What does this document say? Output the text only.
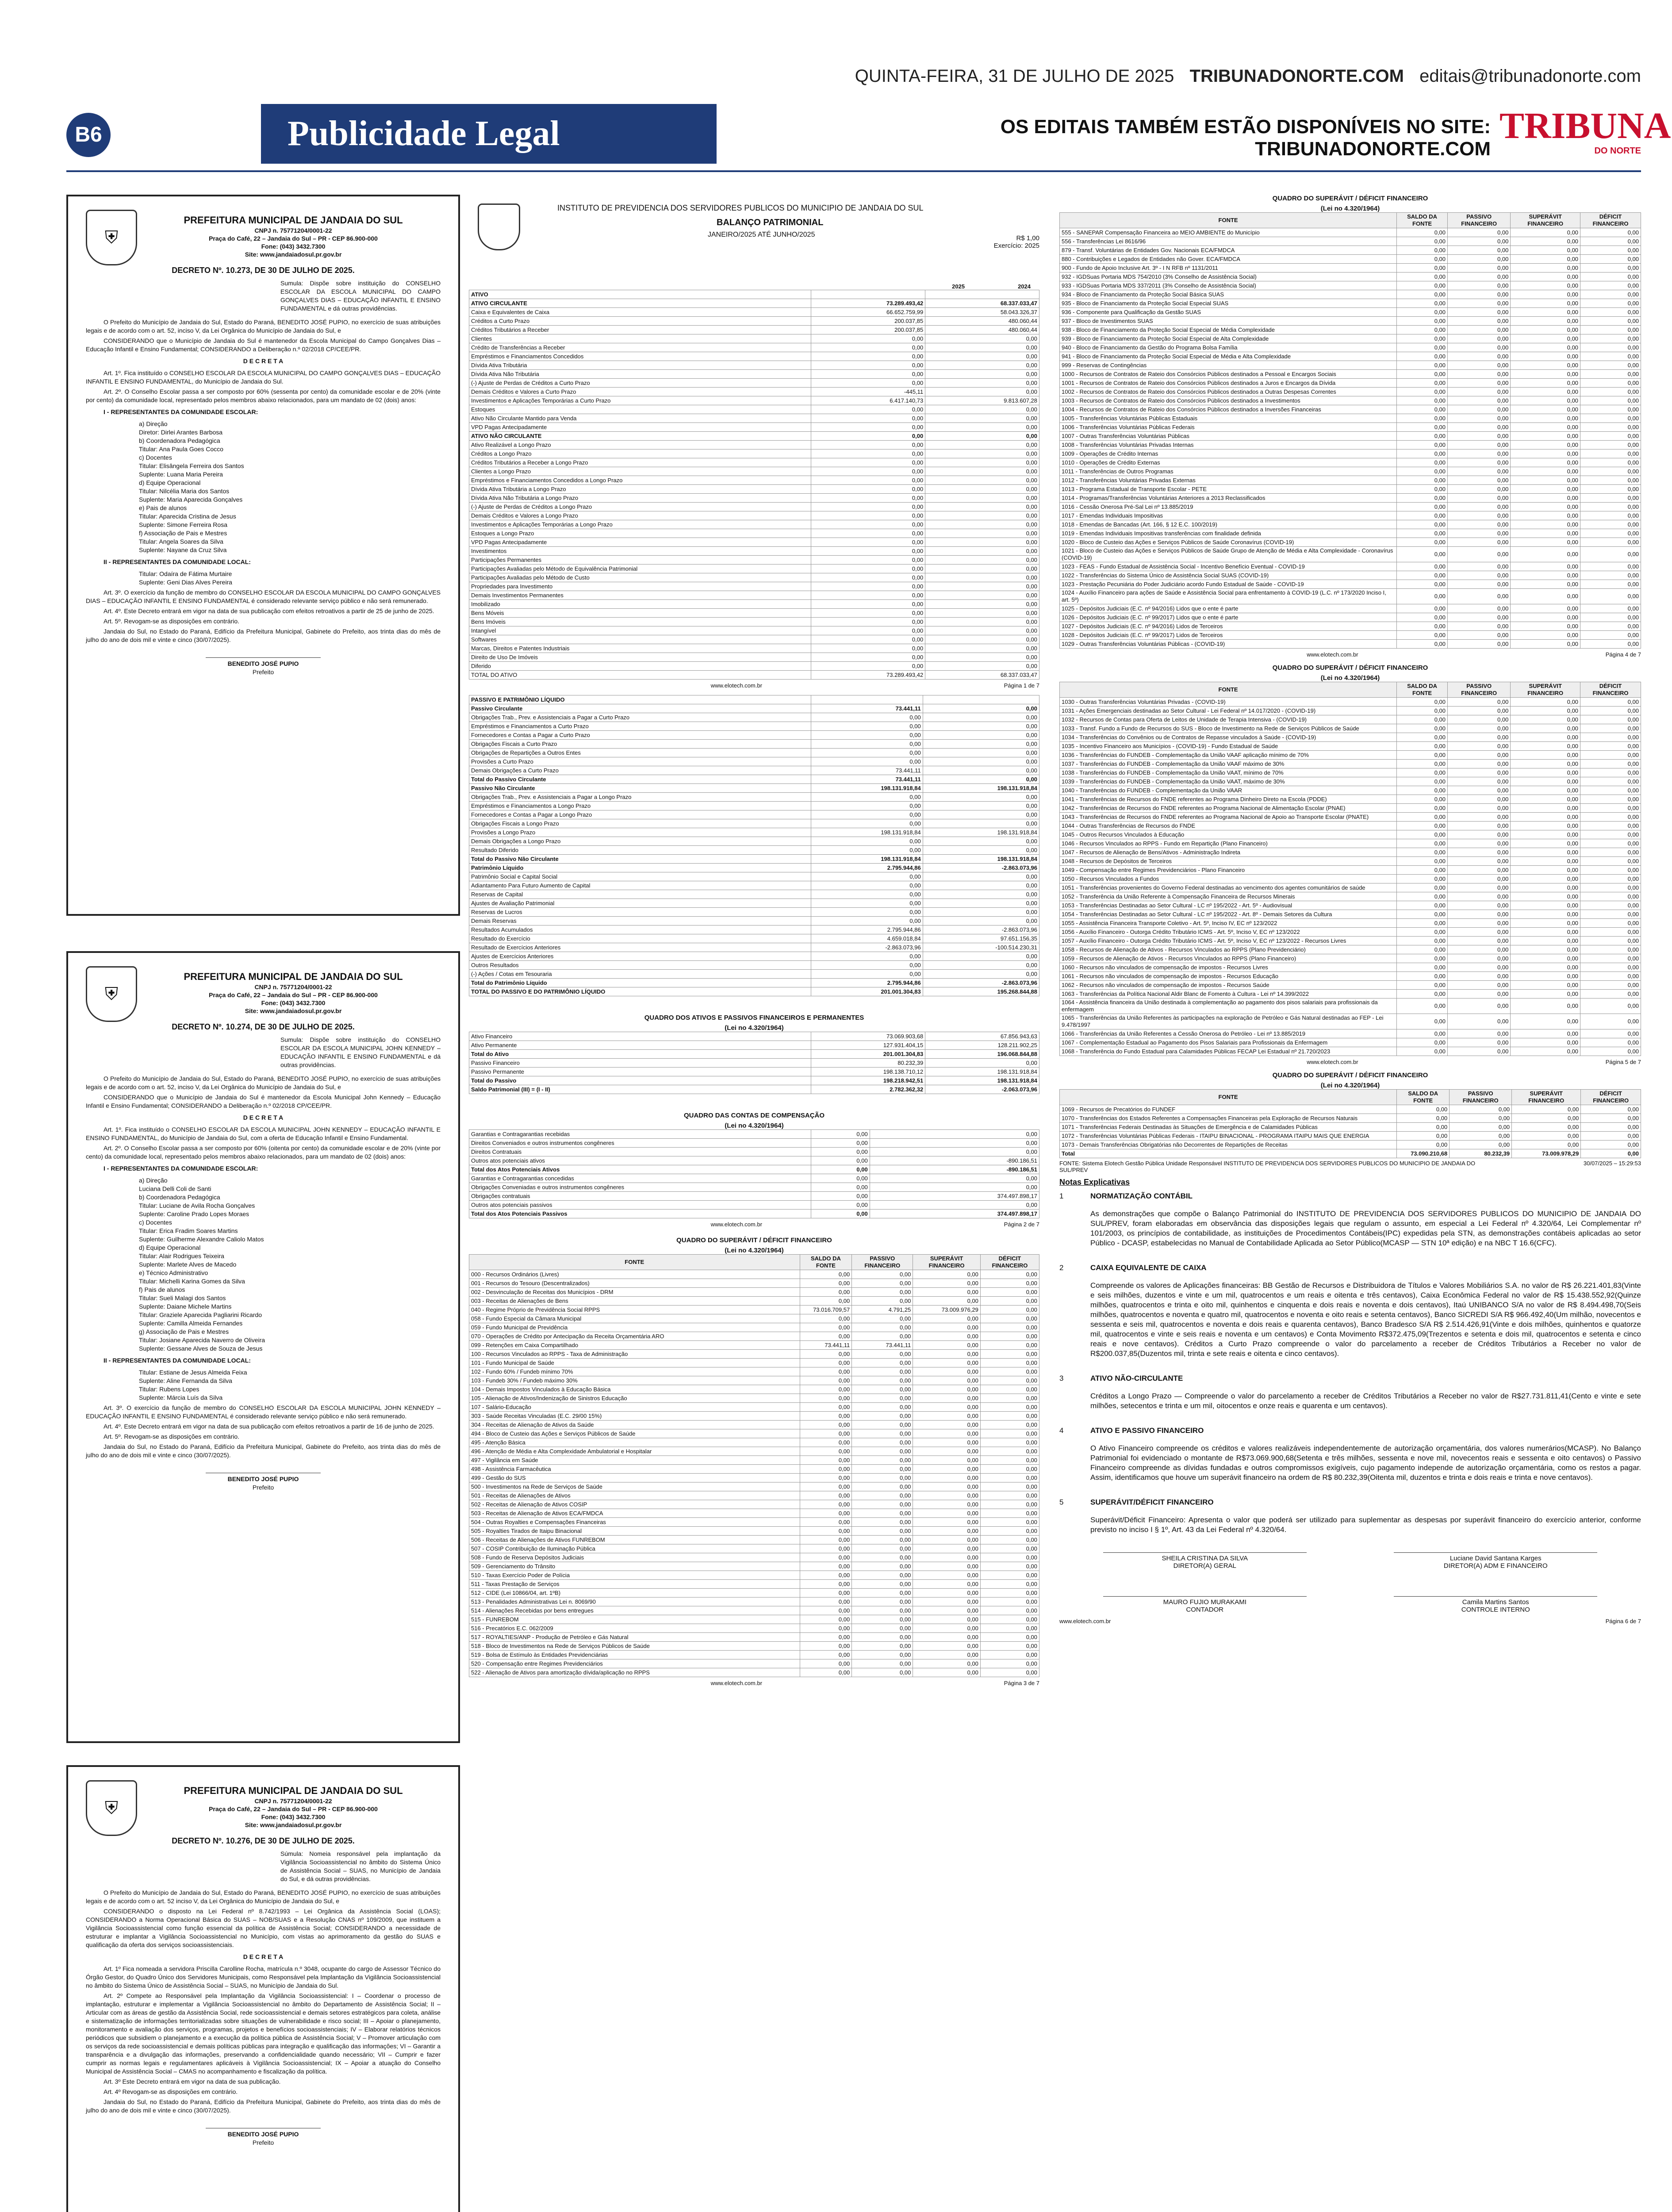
QUINTA-FEIRA, 31 DE JULHO DE 2025 TRIBUNADONORTE.COM editais@tribunadonorte.com
B6	Publicidade Legal	OS EDITAIS TAMBÉM ESTÃO DISPONÍVEIS NO SITE: TRIBUNADONORTE.COM
TRIBUNA
DO NORTE
⛨
PREFEITURA MUNICIPAL DE JANDAIA DO SUL
CNPJ n. 75771204/0001-22
Praça do Café, 22 – Jandaia do Sul – PR - CEP 86.900-000
Fone: (043) 3432.7300
Site: www.jandaiadosul.pr.gov.br
DECRETO Nº. 10.273, DE 30 DE JULHO DE 2025.
Sumula: Dispõe sobre instituição do CONSELHO ESCOLAR DA ESCOLA MUNICIPAL DO CAMPO GONÇALVES DIAS – EDUCAÇÃO INFANTIL E ENSINO FUNDAMENTAL e dá outras providências.
O Prefeito do Município de Jandaia do Sul, Estado do Paraná, BENEDITO JOSÉ PUPIO, no exercício de suas atribuições legais e de acordo com o art. 52, inciso V, da Lei Orgânica do Município de Jandaia do Sul, e
CONSIDERANDO que o Município de Jandaia do Sul é mantenedor da Escola Municipal do Campo Gonçalves Dias – Educação Infantil e Ensino Fundamental; CONSIDERANDO a Deliberação n.º 02/2018 CP/CEE/PR.
D E C R E T A
Art. 1º. Fica instituído o CONSELHO ESCOLAR DA ESCOLA MUNICIPAL DO CAMPO GONÇALVES DIAS – EDUCAÇÃO INFANTIL E ENSINO FUNDAMENTAL, do Município de Jandaia do Sul.
Art. 2º. O Conselho Escolar passa a ser composto por 60% (sessenta por cento) da comunidade escolar e de 20% (vinte por cento) da comunidade local, representado pelos membros abaixo relacionados, para um mandato de 02 (dois) anos:
I - REPRESENTANTES DA COMUNIDADE ESCOLAR:
a) Direção
Diretor: Dirlei Arantes Barbosa
b) Coordenadora Pedagógica
Titular: Ana Paula Goes Cocco
c) Docentes
Titular: Elisângela Ferreira dos Santos
Suplente: Luana Maria Pereira
d) Equipe Operacional
Titular: Nilcélia Maria dos Santos
Suplente: Maria Aparecida Gonçalves
e) Pais de alunos
Titular: Aparecida Cristina de Jesus
Suplente: Simone Ferreira Rosa
f) Associação de Pais e Mestres
Titular: Angela Soares da Silva
Suplente: Nayane da Cruz Silva
II - REPRESENTANTES DA COMUNIDADE LOCAL:
Titular: Odaíra de Fátima Murtaire
Suplente: Geni Dias Alves Pereira
Art. 3º. O exercício da função de membro do CONSELHO ESCOLAR DA ESCOLA MUNICIPAL DO CAMPO GONÇALVES DIAS – EDUCAÇÃO INFANTIL E ENSINO FUNDAMENTAL é considerado relevante serviço público e não será remunerado.
Art. 4º. Este Decreto entrará em vigor na data de sua publicação com efeitos retroativos a partir de 25 de junho de 2025.
Art. 5º. Revogam-se as disposições em contrário.
Jandaia do Sul, no Estado do Paraná, Edifício da Prefeitura Municipal, Gabinete do Prefeito, aos trinta dias do mês de julho do ano de dois mil e vinte e cinco (30/07/2025).
BENEDITO JOSÉ PUPIO
Prefeito
⛨
PREFEITURA MUNICIPAL DE JANDAIA DO SUL
CNPJ n. 75771204/0001-22
Praça do Café, 22 – Jandaia do Sul – PR - CEP 86.900-000
Fone: (043) 3432.7300
Site: www.jandaiadosul.pr.gov.br
DECRETO Nº. 10.274, DE 30 DE JULHO DE 2025.
Sumula: Dispõe sobre instituição do CONSELHO ESCOLAR DA ESCOLA MUNICIPAL JOHN KENNEDY – EDUCAÇÃO INFANTIL E ENSINO FUNDAMENTAL e dá outras providências.
O Prefeito do Município de Jandaia do Sul, Estado do Paraná, BENEDITO JOSÉ PUPIO, no exercício de suas atribuições legais e de acordo com o art. 52, inciso V, da Lei Orgânica do Município de Jandaia do Sul, e
CONSIDERANDO que o Município de Jandaia do Sul é mantenedor da Escola Municipal John Kennedy – Educação Infantil e Ensino Fundamental; CONSIDERANDO a Deliberação n.º 02/2018 CP/CEE/PR.
D E C R E T A
Art. 1º. Fica instituído o CONSELHO ESCOLAR DA ESCOLA MUNICIPAL JOHN KENNEDY – EDUCAÇÃO INFANTIL E ENSINO FUNDAMENTAL, do Município de Jandaia do Sul, com a oferta de Educação Infantil e Ensino Fundamental.
Art. 2º. O Conselho Escolar passa a ser composto por 60% (oitenta por cento) da comunidade escolar e de 20% (vinte por cento) da comunidade local, representado pelos membros abaixo relacionados, para um mandato de 02 (dois) anos:
I - REPRESENTANTES DA COMUNIDADE ESCOLAR:
a) Direção
Luciana Delli Coli de Santi
b) Coordenadora Pedagógica
Titular: Luciane de Avila Rocha Gonçalves
Suplente: Caroline Prado Lopes Moraes
c) Docentes
Titular: Erica Fradim Soares Martins
Suplente: Guilherme Alexandre Caliolo Matos
d) Equipe Operacional
Titular: Alair Rodrigues Teixeira
Suplente: Marlete Alves de Macedo
e) Técnico Administrativo
Titular: Michelli Karina Gomes da Silva
f) Pais de alunos
Titular: Sueli Malagi dos Santos
Suplente: Daiane Michele Martins
Titular: Graziele Aparecida Pagliarini Ricardo
Suplente: Camilla Almeida Fernandes
g) Associação de Pais e Mestres
Titular: Josiane Aparecida Naverro de Oliveira
Suplente: Gessane Alves de Souza de Jesus
II - REPRESENTANTES DA COMUNIDADE LOCAL:
Titular: Estiane de Jesus Almeida Feixa
Suplente: Aline Fernanda da Silva
Titular: Rubens Lopes
Suplente: Márcia Luís da Silva
Art. 3º. O exercício da função de membro do CONSELHO ESCOLAR DA ESCOLA MUNICIPAL JOHN KENNEDY – EDUCAÇÃO INFANTIL E ENSINO FUNDAMENTAL é considerado relevante serviço público e não será remunerado.
Art. 4º. Este Decreto entrará em vigor na data de sua publicação com efeitos retroativos a partir de 16 de junho de 2025.
Art. 5º. Revogam-se as disposições em contrário.
Jandaia do Sul, no Estado do Paraná, Edifício da Prefeitura Municipal, Gabinete do Prefeito, aos trinta dias do mês de julho do ano de dois mil e vinte e cinco (30/07/2025).
BENEDITO JOSÉ PUPIO
Prefeito
⛨
PREFEITURA MUNICIPAL DE JANDAIA DO SUL
CNPJ n. 75771204/0001-22
Praça do Café, 22 – Jandaia do Sul – PR - CEP 86.900-000
Fone: (043) 3432.7300
Site: www.jandaiadosul.pr.gov.br
DECRETO Nº. 10.276, DE 30 DE JULHO DE 2025.
Súmula: Nomeia responsável pela implantação da Vigilância Socioassistencial no âmbito do Sistema Único de Assistência Social – SUAS, no Município de Jandaia do Sul, e dá outras providências.
O Prefeito do Município de Jandaia do Sul, Estado do Paraná, BENEDITO JOSÉ PUPIO, no exercício de suas atribuições legais e de acordo com o art. 52 inciso V, da Lei Orgânica do Município de Jandaia do Sul, e
CONSIDERANDO o disposto na Lei Federal nº 8.742/1993 – Lei Orgânica da Assistência Social (LOAS); CONSIDERANDO a Norma Operacional Básica do SUAS – NOB/SUAS e a Resolução CNAS nº 109/2009, que instituem a Vigilância Socioassistencial como função essencial da política de Assistência Social; CONSIDERANDO a necessidade de estruturar e implantar a Vigilância Socioassistencial no Município, com vistas ao aprimoramento da gestão do SUAS e qualificação da oferta dos serviços socioassistenciais.
D E C R E T A
Art. 1º Fica nomeada a servidora Priscilla Carolline Rocha, matrícula n.º 3048, ocupante do cargo de Assessor Técnico do Órgão Gestor, do Quadro Único dos Servidores Municipais, como Responsável pela Implantação da Vigilância Socioassistencial no âmbito do Sistema Único de Assistência Social – SUAS, no Município de Jandaia do Sul.
Art. 2º Compete ao Responsável pela Implantação da Vigilância Socioassistencial: I – Coordenar o processo de implantação, estruturar e implementar a Vigilância Socioassistencial no âmbito do Departamento de Assistência Social; II – Articular com as áreas de gestão da Assistência Social, rede socioassistencial e demais setores estratégicos para coleta, análise e sistematização de informações territorializadas sobre situações de vulnerabilidade e risco social; III – Apoiar o planejamento, monitoramento e avaliação dos serviços, programas, projetos e benefícios socioassistenciais; IV – Elaborar relatórios técnicos periódicos que subsidiem o planejamento e a execução da política pública de Assistência Social; V – Promover articulação com os serviços da rede socioassistencial e demais políticas públicas para integração e qualificação das informações; VI – Garantir a transparência e a divulgação das informações, preservando a confidencialidade quando necessário; VII – Cumprir e fazer cumprir as normas legais e regulamentares aplicáveis à Vigilância Socioassistencial; IX – Apoiar a atuação do Conselho Municipal de Assistência Social – CMAS no acompanhamento e fiscalização da política.
Art. 3º Este Decreto entrará em vigor na data de sua publicação.
Art. 4º Revogam-se as disposições em contrário.
Jandaia do Sul, no Estado do Paraná, Edifício da Prefeitura Municipal, Gabinete do Prefeito, aos trinta dias do mês de julho do ano de dois mil e vinte e cinco (30/07/2025).
BENEDITO JOSÉ PUPIO
Prefeito
INSTITUTO DE PREVIDENCIA DOS SERVIDORES PUBLICOS DO MUNICIPIO DE JANDAIA DO SUL
BALANÇO PATRIMONIAL
JANEIRO/2025 ATÉ JUNHO/2025	R$ 1,00
Exercício: 2025
2025	2024
ATIVO		
ATIVO CIRCULANTE	73.289.493,42	68.337.033,47
Caixa e Equivalentes de Caixa	66.652.759,99	58.043.326,37
Créditos a Curto Prazo	200.037,85	480.060,44
Créditos Tributários a Receber	200.037,85	480.060,44
Clientes	0,00	0,00
Crédito de Transferências a Receber	0,00	0,00
Empréstimos e Financiamentos Concedidos	0,00	0,00
Dívida Ativa Tributária	0,00	0,00
Dívida Ativa Não Tributária	0,00	0,00
(-) Ajuste de Perdas de Créditos a Curto Prazo	0,00	0,00
Demais Créditos e Valores a Curto Prazo	-445,11	0,00
Investimentos e Aplicações Temporárias a Curto Prazo	6.417.140,73	9.813.607,28
Estoques	0,00	0,00
Ativo Não Circulante Mantido para Venda	0,00	0,00
VPD Pagas Antecipadamente	0,00	0,00
ATIVO NÃO CIRCULANTE	0,00	0,00
Ativo Realizável a Longo Prazo	0,00	0,00
Créditos a Longo Prazo	0,00	0,00
Créditos Tributários a Receber a Longo Prazo	0,00	0,00
Clientes a Longo Prazo	0,00	0,00
Empréstimos e Financiamentos Concedidos a Longo Prazo	0,00	0,00
Dívida Ativa Tributária a Longo Prazo	0,00	0,00
Dívida Ativa Não Tributária a Longo Prazo	0,00	0,00
(-) Ajuste de Perdas de Créditos a Longo Prazo	0,00	0,00
Demais Créditos e Valores a Longo Prazo	0,00	0,00
Investimentos e Aplicações Temporárias a Longo Prazo	0,00	0,00
Estoques a Longo Prazo	0,00	0,00
VPD Pagas Antecipadamente	0,00	0,00
Investimentos	0,00	0,00
Participações Permanentes	0,00	0,00
Participações Avaliadas pelo Método de Equivalência Patrimonial	0,00	0,00
Participações Avaliadas pelo Método de Custo	0,00	0,00
Propriedades para Investimento	0,00	0,00
Demais Investimentos Permanentes	0,00	0,00
Imobilizado	0,00	0,00
Bens Móveis	0,00	0,00
Bens Imóveis	0,00	0,00
Intangível	0,00	0,00
Softwares	0,00	0,00
Marcas, Direitos e Patentes Industriais	0,00	0,00
Direito de Uso De Imóveis	0,00	0,00
Diferido	0,00	0,00
TOTAL DO ATIVO	73.289.493,42	68.337.033,47
www.elotech.com.br	Página 1 de 7
PASSIVO E PATRIMÔNIO LÍQUIDO		
Passivo Circulante	73.441,11	0,00
Obrigações Trab., Prev. e Assistenciais a Pagar a Curto Prazo	0,00	0,00
Empréstimos e Financiamentos a Curto Prazo	0,00	0,00
Fornecedores e Contas a Pagar a Curto Prazo	0,00	0,00
Obrigações Fiscais a Curto Prazo	0,00	0,00
Obrigações de Repartições a Outros Entes	0,00	0,00
Provisões a Curto Prazo	0,00	0,00
Demais Obrigações a Curto Prazo	73.441,11	0,00
Total do Passivo Circulante	73.441,11	0,00
Passivo Não Circulante	198.131.918,84	198.131.918,84
Obrigações Trab., Prev. e Assistenciais a Pagar a Longo Prazo	0,00	0,00
Empréstimos e Financiamentos a Longo Prazo	0,00	0,00
Fornecedores e Contas a Pagar a Longo Prazo	0,00	0,00
Obrigações Fiscais a Longo Prazo	0,00	0,00
Provisões a Longo Prazo	198.131.918,84	198.131.918,84
Demais Obrigações a Longo Prazo	0,00	0,00
Resultado Diferido	0,00	0,00
Total do Passivo Não Circulante	198.131.918,84	198.131.918,84
Patrimônio Líquido	2.795.944,86	-2.863.073,96
Patrimônio Social e Capital Social	0,00	0,00
Adiantamento Para Futuro Aumento de Capital	0,00	0,00
Reservas de Capital	0,00	0,00
Ajustes de Avaliação Patrimonial	0,00	0,00
Reservas de Lucros	0,00	0,00
Demais Reservas	0,00	0,00
Resultados Acumulados	2.795.944,86	-2.863.073,96
Resultado do Exercício	4.659.018,84	97.651.156,35
Resultado de Exercícios Anteriores	-2.863.073,96	-100.514.230,31
Ajustes de Exercícios Anteriores	0,00	0,00
Outros Resultados	0,00	0,00
(-) Ações / Cotas em Tesouraria	0,00	0,00
Total do Patrimônio Líquido	2.795.944,86	-2.863.073,96
TOTAL DO PASSIVO E DO PATRIMÔNIO LÍQUIDO	201.001.304,83	195.268.844,88
QUADRO DOS ATIVOS E PASSIVOS FINANCEIROS E PERMANENTES
(Lei no 4.320/1964)
Ativo Financeiro	73.069.903,68	67.856.943,63
Ativo Permanente	127.931.404,15	128.211.902,25
Total do Ativo	201.001.304,83	196.068.844,88
Passivo Financeiro	80.232,39	0,00
Passivo Permanente	198.138.710,12	198.131.918,84
Total do Passivo	198.218.942,51	198.131.918,84
Saldo Patrimonial (III) = (I - II)	2.782.362,32	-2.063.073,96
QUADRO DAS CONTAS DE COMPENSAÇÃO
(Lei no 4.320/1964)
Garantias e Contragarantias recebidas	0,00	0,00
Direitos Conveniados e outros instrumentos congêneres	0,00	0,00
Direitos Contratuais	0,00	0,00
Outros atos potenciais ativos	0,00	-890.186,51
Total dos Atos Potenciais Ativos	0,00	-890.186,51
Garantias e Contragarantias concedidas	0,00	0,00
Obrigações Conveniadas e outros instrumentos congêneres	0,00	0,00
Obrigações contratuais	0,00	374.497.898,17
Outros atos potenciais passivos	0,00	0,00
Total dos Atos Potenciais Passivos	0,00	374.497.898,17
www.elotech.com.br	Página 2 de 7
QUADRO DO SUPERÁVIT / DÉFICIT FINANCEIRO
(Lei no 4.320/1964)
FONTE	SALDO DA FONTE	PASSIVO FINANCEIRO	SUPERÁVIT FINANCEIRO	DÉFICIT FINANCEIRO
000 - Recursos Ordinários (Livres)	0,00	0,00	0,00	0,00
001 - Recursos do Tesouro (Descentralizados)	0,00	0,00	0,00	0,00
002 - Desvinculação de Receitas dos Municípios - DRM	0,00	0,00	0,00	0,00
003 - Receitas de Alienações de Bens	0,00	0,00	0,00	0,00
040 - Regime Próprio de Previdência Social RPPS	73.016.709,57	4.791,25	73.009.976,29	0,00
058 - Fundo Especial da Câmara Municipal	0,00	0,00	0,00	0,00
059 - Fundo Municipal de Previdência	0,00	0,00	0,00	0,00
070 - Operações de Crédito por Antecipação da Receita Orçamentária ARO	0,00	0,00	0,00	0,00
099 - Retenções em Caixa Compartilhado	73.441,11	73.441,11	0,00	0,00
100 - Recursos Vinculados ao RPPS - Taxa de Administração	0,00	0,00	0,00	0,00
101 - Fundo Municipal de Saúde	0,00	0,00	0,00	0,00
102 - Fundo 60% / Fundeb mínimo 70%	0,00	0,00	0,00	0,00
103 - Fundeb 30% / Fundeb máximo 30%	0,00	0,00	0,00	0,00
104 - Demais Impostos Vinculados à Educação Básica	0,00	0,00	0,00	0,00
105 - Alienação de Ativos/Indenização de Sinistros Educação	0,00	0,00	0,00	0,00
107 - Salário-Educação	0,00	0,00	0,00	0,00
303 - Saúde Receitas Vinculadas (E.C. 29/00 15%)	0,00	0,00	0,00	0,00
304 - Receitas de Alienação de Ativos da Saúde	0,00	0,00	0,00	0,00
494 - Bloco de Custeio das Ações e Serviços Públicos de Saúde	0,00	0,00	0,00	0,00
495 - Atenção Básica	0,00	0,00	0,00	0,00
496 - Atenção de Média e Alta Complexidade Ambulatorial e Hospitalar	0,00	0,00	0,00	0,00
497 - Vigilância em Saúde	0,00	0,00	0,00	0,00
498 - Assistência Farmacêutica	0,00	0,00	0,00	0,00
499 - Gestão do SUS	0,00	0,00	0,00	0,00
500 - Investimentos na Rede de Serviços de Saúde	0,00	0,00	0,00	0,00
501 - Receitas de Alienações de Ativos	0,00	0,00	0,00	0,00
502 - Receitas de Alienação de Ativos COSIP	0,00	0,00	0,00	0,00
503 - Receitas de Alienação de Ativos ECA/FMDCA	0,00	0,00	0,00	0,00
504 - Outras Royalties e Compensações Financeiras	0,00	0,00	0,00	0,00
505 - Royalties Tirados de Itaipu Binacional	0,00	0,00	0,00	0,00
506 - Receitas de Alienações de Ativos FUNREBOM	0,00	0,00	0,00	0,00
507 - COSIP Contribuição de Iluminação Pública	0,00	0,00	0,00	0,00
508 - Fundo de Reserva Depósitos Judiciais	0,00	0,00	0,00	0,00
509 - Gerenciamento do Trânsito	0,00	0,00	0,00	0,00
510 - Taxas Exercício Poder de Polícia	0,00	0,00	0,00	0,00
511 - Taxas Prestação de Serviços	0,00	0,00	0,00	0,00
512 - CIDE (Lei 10866/04, art. 1ºB)	0,00	0,00	0,00	0,00
513 - Penalidades Administrativas Lei n. 8069/90	0,00	0,00	0,00	0,00
514 - Alienações Recebidas por bens entregues	0,00	0,00	0,00	0,00
515 - FUNREBOM	0,00	0,00	0,00	0,00
516 - Precatórios E.C. 062/2009	0,00	0,00	0,00	0,00
517 - ROYALTIES/ANP - Produção de Petróleo e Gás Natural	0,00	0,00	0,00	0,00
518 - Bloco de Investimentos na Rede de Serviços Públicos de Saúde	0,00	0,00	0,00	0,00
519 - Bolsa de Estímulo às Entidades Previdenciárias	0,00	0,00	0,00	0,00
520 - Compensação entre Regimes Previdenciários	0,00	0,00	0,00	0,00
522 - Alienação de Ativos para amortização dívida/aplicação no RPPS	0,00	0,00	0,00	0,00
www.elotech.com.br	Página 3 de 7
QUADRO DO SUPERÁVIT / DÉFICIT FINANCEIRO
(Lei no 4.320/1964)
FONTE	SALDO DA FONTE	PASSIVO FINANCEIRO	SUPERÁVIT FINANCEIRO	DÉFICIT FINANCEIRO
555 - SANEPAR Compensação Financeira ao MEIO AMBIENTE do Município	0,00	0,00	0,00	0,00
556 - Transferências Lei 8616/96	0,00	0,00	0,00	0,00
879 - Transf. Voluntárias de Entidades Gov. Nacionais ECA/FMDCA	0,00	0,00	0,00	0,00
880 - Contribuições e Legados de Entidades não Gover. ECA/FMDCA	0,00	0,00	0,00	0,00
900 - Fundo de Apoio Inclusive Art. 3º - I N RFB nº 1131/2011	0,00	0,00	0,00	0,00
932 - IGDSuas Portaria MDS 754/2010 (3% Conselho de Assistência Social)	0,00	0,00	0,00	0,00
933 - IGDSuas Portaria MDS 337/2011 (3% Conselho de Assistência Social)	0,00	0,00	0,00	0,00
934 - Bloco de Financiamento da Proteção Social Básica SUAS	0,00	0,00	0,00	0,00
935 - Bloco de Financiamento da Proteção Social Especial SUAS	0,00	0,00	0,00	0,00
936 - Componente para Qualificação da Gestão SUAS	0,00	0,00	0,00	0,00
937 - Bloco de Investimentos SUAS	0,00	0,00	0,00	0,00
938 - Bloco de Financiamento da Proteção Social Especial de Média Complexidade	0,00	0,00	0,00	0,00
939 - Bloco de Financiamento da Proteção Social Especial de Alta Complexidade	0,00	0,00	0,00	0,00
940 - Bloco de Financiamento da Gestão do Programa Bolsa Família	0,00	0,00	0,00	0,00
941 - Bloco de Financiamento da Proteção Social Especial de Média e Alta Complexidade	0,00	0,00	0,00	0,00
999 - Reservas de Contingências	0,00	0,00	0,00	0,00
1000 - Recursos de Contratos de Rateio dos Consórcios Públicos destinados a Pessoal e Encargos Sociais	0,00	0,00	0,00	0,00
1001 - Recursos de Contratos de Rateio dos Consórcios Públicos destinados a Juros e Encargos da Dívida	0,00	0,00	0,00	0,00
1002 - Recursos de Contratos de Rateio dos Consórcios Públicos destinados a Outras Despesas Correntes	0,00	0,00	0,00	0,00
1003 - Recursos de Contratos de Rateio dos Consórcios Públicos destinados a Investimentos	0,00	0,00	0,00	0,00
1004 - Recursos de Contratos de Rateio dos Consórcios Públicos destinados a Inversões Financeiras	0,00	0,00	0,00	0,00
1005 - Transferências Voluntárias Públicas Estaduais	0,00	0,00	0,00	0,00
1006 - Transferências Voluntárias Públicas Federais	0,00	0,00	0,00	0,00
1007 - Outras Transferências Voluntárias Públicas	0,00	0,00	0,00	0,00
1008 - Transferências Voluntárias Privadas Internas	0,00	0,00	0,00	0,00
1009 - Operações de Crédito Internas	0,00	0,00	0,00	0,00
1010 - Operações de Crédito Externas	0,00	0,00	0,00	0,00
1011 - Transferências de Outros Programas	0,00	0,00	0,00	0,00
1012 - Transferências Voluntárias Privadas Externas	0,00	0,00	0,00	0,00
1013 - Programa Estadual de Transporte Escolar - PETE	0,00	0,00	0,00	0,00
1014 - Programas/Transferências Voluntárias Anteriores a 2013 Reclassificados	0,00	0,00	0,00	0,00
1016 - Cessão Onerosa Pré-Sal Lei nº 13.885/2019	0,00	0,00	0,00	0,00
1017 - Emendas Individuais Impositivas	0,00	0,00	0,00	0,00
1018 - Emendas de Bancadas (Art. 166, § 12 E.C. 100/2019)	0,00	0,00	0,00	0,00
1019 - Emendas Individuais Impositivas transferências com finalidade definida	0,00	0,00	0,00	0,00
1020 - Bloco de Custeio das Ações e Serviços Públicos de Saúde Coronavírus (COVID-19)	0,00	0,00	0,00	0,00
1021 - Bloco de Custeio das Ações e Serviços Públicos de Saúde Grupo de Atenção de Média e Alta Complexidade - Coronavírus (COVID-19)	0,00	0,00	0,00	0,00
1023 - FEAS - Fundo Estadual de Assistência Social - Incentivo Benefício Eventual - COVID-19	0,00	0,00	0,00	0,00
1022 - Transferências do Sistema Único de Assistência Social SUAS (COVID-19)	0,00	0,00	0,00	0,00
1023 - Prestação Pecuniária do Poder Judiciário acordo Fundo Estadual de Saúde - COVID-19	0,00	0,00	0,00	0,00
1024 - Auxílio Financeiro para ações de Saúde e Assistência Social para enfrentamento à COVID-19 (L.C. nº 173/2020 Inciso I, art. 5º)	0,00	0,00	0,00	0,00
1025 - Depósitos Judiciais (E.C. nº 94/2016) Lidos que o ente é parte	0,00	0,00	0,00	0,00
1026 - Depósitos Judiciais (E.C. nº 99/2017) Lidos que o ente é parte	0,00	0,00	0,00	0,00
1027 - Depósitos Judiciais (E.C. nº 94/2016) Lidos de Terceiros	0,00	0,00	0,00	0,00
1028 - Depósitos Judiciais (E.C. nº 99/2017) Lidos de Terceiros	0,00	0,00	0,00	0,00
1029 - Outras Transferências Voluntárias Públicas - (COVID-19)	0,00	0,00	0,00	0,00
www.elotech.com.br	Página 4 de 7
QUADRO DO SUPERÁVIT / DÉFICIT FINANCEIRO
(Lei no 4.320/1964)
FONTE	SALDO DA FONTE	PASSIVO FINANCEIRO	SUPERÁVIT FINANCEIRO	DÉFICIT FINANCEIRO
1030 - Outras Transferências Voluntárias Privadas - (COVID-19)	0,00	0,00	0,00	0,00
1031 - Ações Emergenciais destinadas ao Setor Cultural - Lei Federal nº 14.017/2020 - (COVID-19)	0,00	0,00	0,00	0,00
1032 - Recursos de Contas para Oferta de Leitos de Unidade de Terapia Intensiva - (COVID-19)	0,00	0,00	0,00	0,00
1033 - Transf. Fundo a Fundo de Recursos do SUS - Bloco de Investimento na Rede de Serviços Públicos de Saúde	0,00	0,00	0,00	0,00
1034 - Transferências do Convênios ou de Contratos de Repasse vinculados à Saúde - (COVID-19)	0,00	0,00	0,00	0,00
1035 - Incentivo Financeiro aos Municípios - (COVID-19) - Fundo Estadual de Saúde	0,00	0,00	0,00	0,00
1036 - Transferências do FUNDEB - Complementação da União VAAF aplicação mínimo de 70%	0,00	0,00	0,00	0,00
1037 - Transferências do FUNDEB - Complementação da União VAAF máximo de 30%	0,00	0,00	0,00	0,00
1038 - Transferências do FUNDEB - Complementação da União VAAT, mínimo de 70%	0,00	0,00	0,00	0,00
1039 - Transferências do FUNDEB - Complementação da União VAAT, máximo de 30%	0,00	0,00	0,00	0,00
1040 - Transferências do FUNDEB - Complementação da União VAAR	0,00	0,00	0,00	0,00
1041 - Transferências de Recursos do FNDE referentes ao Programa Dinheiro Direto na Escola (PDDE)	0,00	0,00	0,00	0,00
1042 - Transferências de Recursos do FNDE referentes ao Programa Nacional de Alimentação Escolar (PNAE)	0,00	0,00	0,00	0,00
1043 - Transferências de Recursos do FNDE referentes ao Programa Nacional de Apoio ao Transporte Escolar (PNATE)	0,00	0,00	0,00	0,00
1044 - Outras Transferências de Recursos do FNDE	0,00	0,00	0,00	0,00
1045 - Outros Recursos Vinculados à Educação	0,00	0,00	0,00	0,00
1046 - Recursos Vinculados ao RPPS - Fundo em Repartição (Plano Financeiro)	0,00	0,00	0,00	0,00
1047 - Recursos de Alienação de Bens/Ativos - Administração Indireta	0,00	0,00	0,00	0,00
1048 - Recursos de Depósitos de Terceiros	0,00	0,00	0,00	0,00
1049 - Compensação entre Regimes Previdenciários - Plano Financeiro	0,00	0,00	0,00	0,00
1050 - Recursos Vinculados a Fundos	0,00	0,00	0,00	0,00
1051 - Transferências provenientes do Governo Federal destinadas ao vencimento dos agentes comunitários de saúde	0,00	0,00	0,00	0,00
1052 - Transferência da União Referente à Compensação Financeira de Recursos Minerais	0,00	0,00	0,00	0,00
1053 - Transferências Destinadas ao Setor Cultural - LC nº 195/2022 - Art. 5º - Audiovisual	0,00	0,00	0,00	0,00
1054 - Transferências Destinadas ao Setor Cultural - LC nº 195/2022 - Art. 8º - Demais Setores da Cultura	0,00	0,00	0,00	0,00
1055 - Assistência Financeira Transporte Coletivo - Art. 5º, Inciso IV, EC nº 123/2022	0,00	0,00	0,00	0,00
1056 - Auxílio Financeiro - Outorga Crédito Tributário ICMS - Art. 5º, Inciso V, EC nº 123/2022	0,00	0,00	0,00	0,00
1057 - Auxílio Financeiro - Outorga Crédito Tributário ICMS - Art. 5º, Inciso V, EC nº 123/2022 - Recursos Livres	0,00	0,00	0,00	0,00
1058 - Recursos de Alienação de Ativos - Recursos Vinculados ao RPPS (Plano Previdenciário)	0,00	0,00	0,00	0,00
1059 - Recursos de Alienação de Ativos - Recursos Vinculados ao RPPS (Plano Financeiro)	0,00	0,00	0,00	0,00
1060 - Recursos não vinculados de compensação de impostos - Recursos Livres	0,00	0,00	0,00	0,00
1061 - Recursos não vinculados de compensação de impostos - Recursos Educação	0,00	0,00	0,00	0,00
1062 - Recursos não vinculados de compensação de impostos - Recursos Saúde	0,00	0,00	0,00	0,00
1063 - Transferências da Política Nacional Aldir Blanc de Fomento à Cultura - Lei nº 14.399/2022	0,00	0,00	0,00	0,00
1064 - Assistência financeira da União destinada à complementação ao pagamento dos pisos salariais para profissionais da enfermagem	0,00	0,00	0,00	0,00
1065 - Transferências da União Referentes às participações na exploração de Petróleo e Gás Natural destinadas ao FEP - Lei 9.478/1997	0,00	0,00	0,00	0,00
1066 - Transferências da União Referentes a Cessão Onerosa do Petróleo - Lei nº 13.885/2019	0,00	0,00	0,00	0,00
1067 - Complementação Estadual ao Pagamento dos Pisos Salariais para Profissionais da Enfermagem	0,00	0,00	0,00	0,00
1068 - Transferência do Fundo Estadual para Calamidades Públicas FECAP Lei Estadual nº 21.720/2023	0,00	0,00	0,00	0,00
www.elotech.com.br	Página 5 de 7
QUADRO DO SUPERÁVIT / DÉFICIT FINANCEIRO
(Lei no 4.320/1964)
FONTE	SALDO DA FONTE	PASSIVO FINANCEIRO	SUPERÁVIT FINANCEIRO	DÉFICIT FINANCEIRO
1069 - Recursos de Precatórios do FUNDEF	0,00	0,00	0,00	0,00
1070 - Transferências dos Estados Referentes a Compensações Financeiras pela Exploração de Recursos Naturais	0,00	0,00	0,00	0,00
1071 - Transferências Federais Destinadas às Situações de Emergência e de Calamidades Públicas	0,00	0,00	0,00	0,00
1072 - Transferências Voluntárias Públicas Federais - ITAIPU BINACIONAL - PROGRAMA ITAIPU MAIS QUE ENERGIA	0,00	0,00	0,00	0,00
1073 - Demais Transferências Obrigatórias não Decorrentes de Repartições de Receitas	0,00	0,00	0,00	0,00
Total	73.090.210,68	80.232,39	73.009.978,29	0,00
FONTE: Sistema Elotech Gestão Pública Unidade Responsável INSTITUTO DE PREVIDENCIA DOS SERVIDORES PUBLICOS DO MUNICIPIO DE JANDAIA DO SUL/PREV
30/07/2025 – 15:29:53
Notas Explicativas
1	NORMATIZAÇÃO CONTÁBIL
As demonstrações que compõe o Balanço Patrimonial do INSTITUTO DE PREVIDENCIA DOS SERVIDORES PUBLICOS DO MUNICIPIO DE JANDAIA DO SUL/PREV, foram elaboradas em observância das disposições legais que regulam o assunto, em especial a Lei Federal nº 4.320/64, Lei Complementar nº 101/2003, os princípios de contabilidade, as instituições de Procedimentos Contábeis(IPC) expedidas pela STN, as demonstrações contábeis aplicadas ao setor Público - DCASP, estabelecidas no Manual de Contabilidade Aplicada ao Setor Público(MCASP — STN 10ª edição) e na NBC T 16.6(CFC).
2	CAIXA EQUIVALENTE DE CAIXA
Compreende os valores de Aplicações financeiras: BB Gestão de Recursos e Distribuidora de Títulos e Valores Mobiliários S.A. no valor de R$ 26.221.401,83(Vinte e seis milhões, duzentos e vinte e um mil, quatrocentos e um reais e oitenta e três centavos), Caixa Econômica Federal no valor de R$ 15.438.552,92(Quinze milhões, quatrocentos e trinta e oito mil, quinhentos e cinquenta e dois reais e noventa e dois centavos), Itaú UNIBANCO S/A no valor de R$ 8.494.498,70(Seis milhões, quatrocentos e noventa e quatro mil, quatrocentos e noventa e oito reais e setenta centavos), Banco SICREDI S/A R$ 966.492,40(Um milhão, novecentos e sessenta e seis mil, quatrocentos e noventa e dois reais e quarenta centavos), Banco Bradesco S/A R$ 2.514.426,91(Vinte e dois milhões, quinhentos e quatorze mil, quatrocentos e vinte e seis reais e noventa e um centavos) e Conta Movimento R$372.475,09(Trezentos e setenta e dois mil, quatrocentos e setenta e cinco reais e nove centavos). Créditos a Curto Prazo compreende o valor do parcelamento a receber de Créditos Tributários a Receber no valor de R$200.037,85(Duzentos mil, trinta e sete reais e oitenta e cinco centavos).
3	ATIVO NÃO-CIRCULANTE
Créditos a Longo Prazo — Compreende o valor do parcelamento a receber de Créditos Tributários a Receber no valor de R$27.731.811,41(Cento e vinte e sete milhões, setecentos e trinta e um mil, oitocentos e onze reais e quarenta e um centavos).
4	ATIVO E PASSIVO FINANCEIRO
O Ativo Financeiro compreende os créditos e valores realizáveis independentemente de autorização orçamentária, dos valores numerários(MCASP). No Balanço Patrimonial foi evidenciado o montante de R$73.069.900,68(Setenta e três milhões, sessenta e nove mil, novecentos reais e sessenta e oito centavos) o Passivo Financeiro compreende as dívidas fundadas e outros compromissos exigíveis, cujo pagamento independe de autorização orçamentária, como os restos a pagar. Assim, identificamos que houve um superávit financeiro na ordem de R$ 80.232,39(Oitenta mil, duzentos e trinta e dois reais e trinta e nove centavos).
5	SUPERÁVIT/DÉFICIT FINANCEIRO
Superávit/Déficit Financeiro: Apresenta o valor que poderá ser utilizado para suplementar as despesas por superávit financeiro do exercício anterior, conforme previsto no inciso I § 1º, Art. 43 da Lei Federal nº 4.320/64.
SHEILA CRISTINA DA SILVA
DIRETOR(A) GERAL
Luciane David Santana Karges
DIRETOR(A) ADM E FINANCEIRO
MAURO FUJIO MURAKAMI
CONTADOR
Camila Martins Santos
CONTROLE INTERNO
www.elotech.com.br	Página 6 de 7
